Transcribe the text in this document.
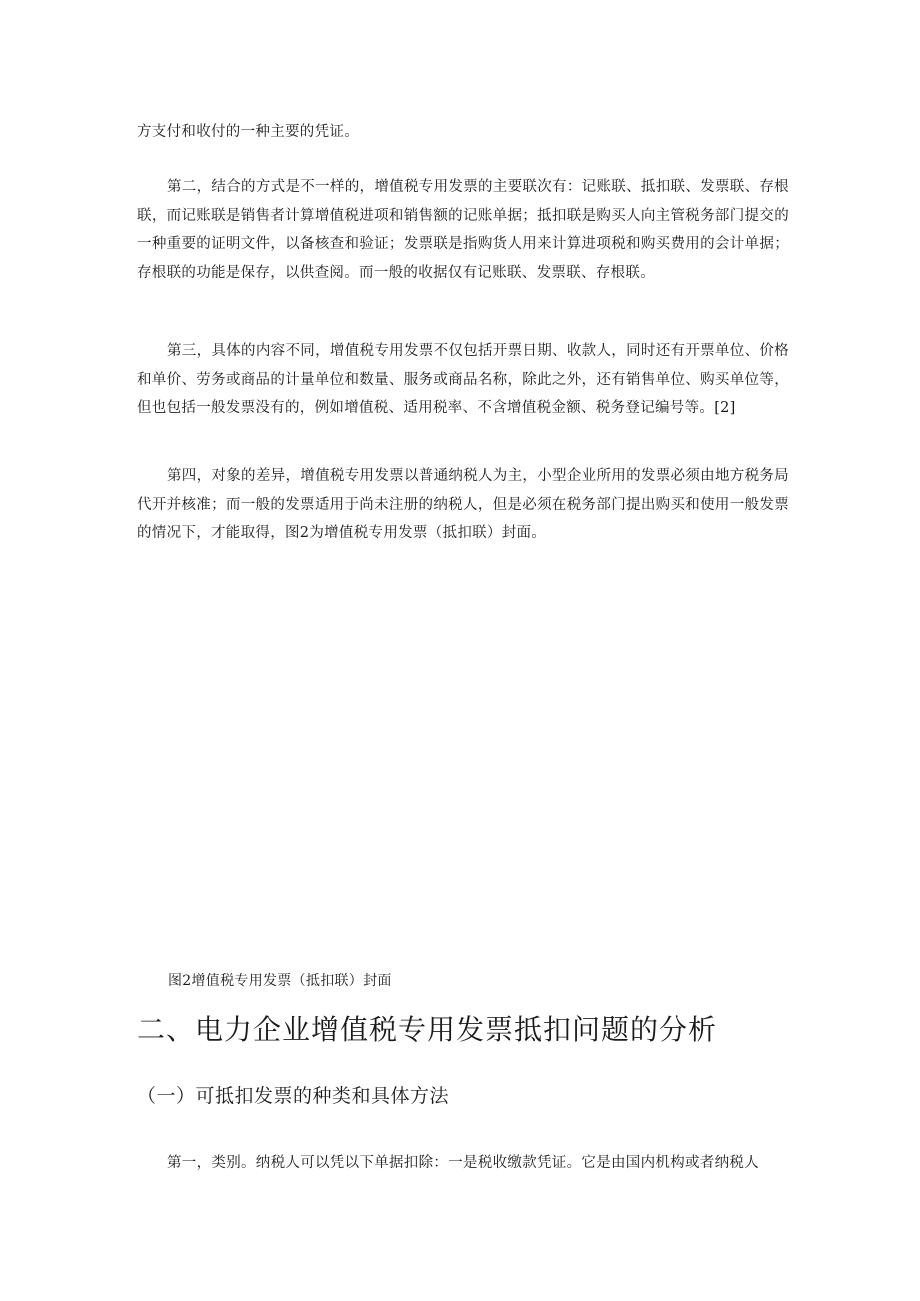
方支付和收付的一种主要的凭证。

第二，结合的方式是不一样的，增值税专用发票的主要联次有：记账联、抵扣联、发票联、存根联，而记账联是销售者计算增值税进项和销售额的记账单据；抵扣联是购买人向主管税务部门提交的一种重要的证明文件，以备核查和验证；发票联是指购货人用来计算进项税和购买费用的会计单据；存根联的功能是保存，以供查阅。而一般的收据仅有记账联、发票联、存根联。

第三，具体的内容不同，增值税专用发票不仅包括开票日期、收款人，同时还有开票单位、价格和单价、劳务或商品的计量单位和数量、服务或商品名称，除此之外，还有销售单位、购买单位等，但也包括一般发票没有的，例如增值税、适用税率、不含增值税金额、税务登记编号等。[2]

第四，对象的差异，增值税专用发票以普通纳税人为主，小型企业所用的发票必须由地方税务局代开并核准；而一般的发票适用于尚未注册的纳税人，但是必须在税务部门提出购买和使用一般发票的情况下，才能取得，图2为增值税专用发票（抵扣联）封面。

图2增值税专用发票（抵扣联）封面

二、电力企业增值税专用发票抵扣问题的分析
（一）可抵扣发票的种类和具体方法

第一，类别。纳税人可以凭以下单据扣除：一是税收缴款凭证。它是由国内机构或者纳税人
